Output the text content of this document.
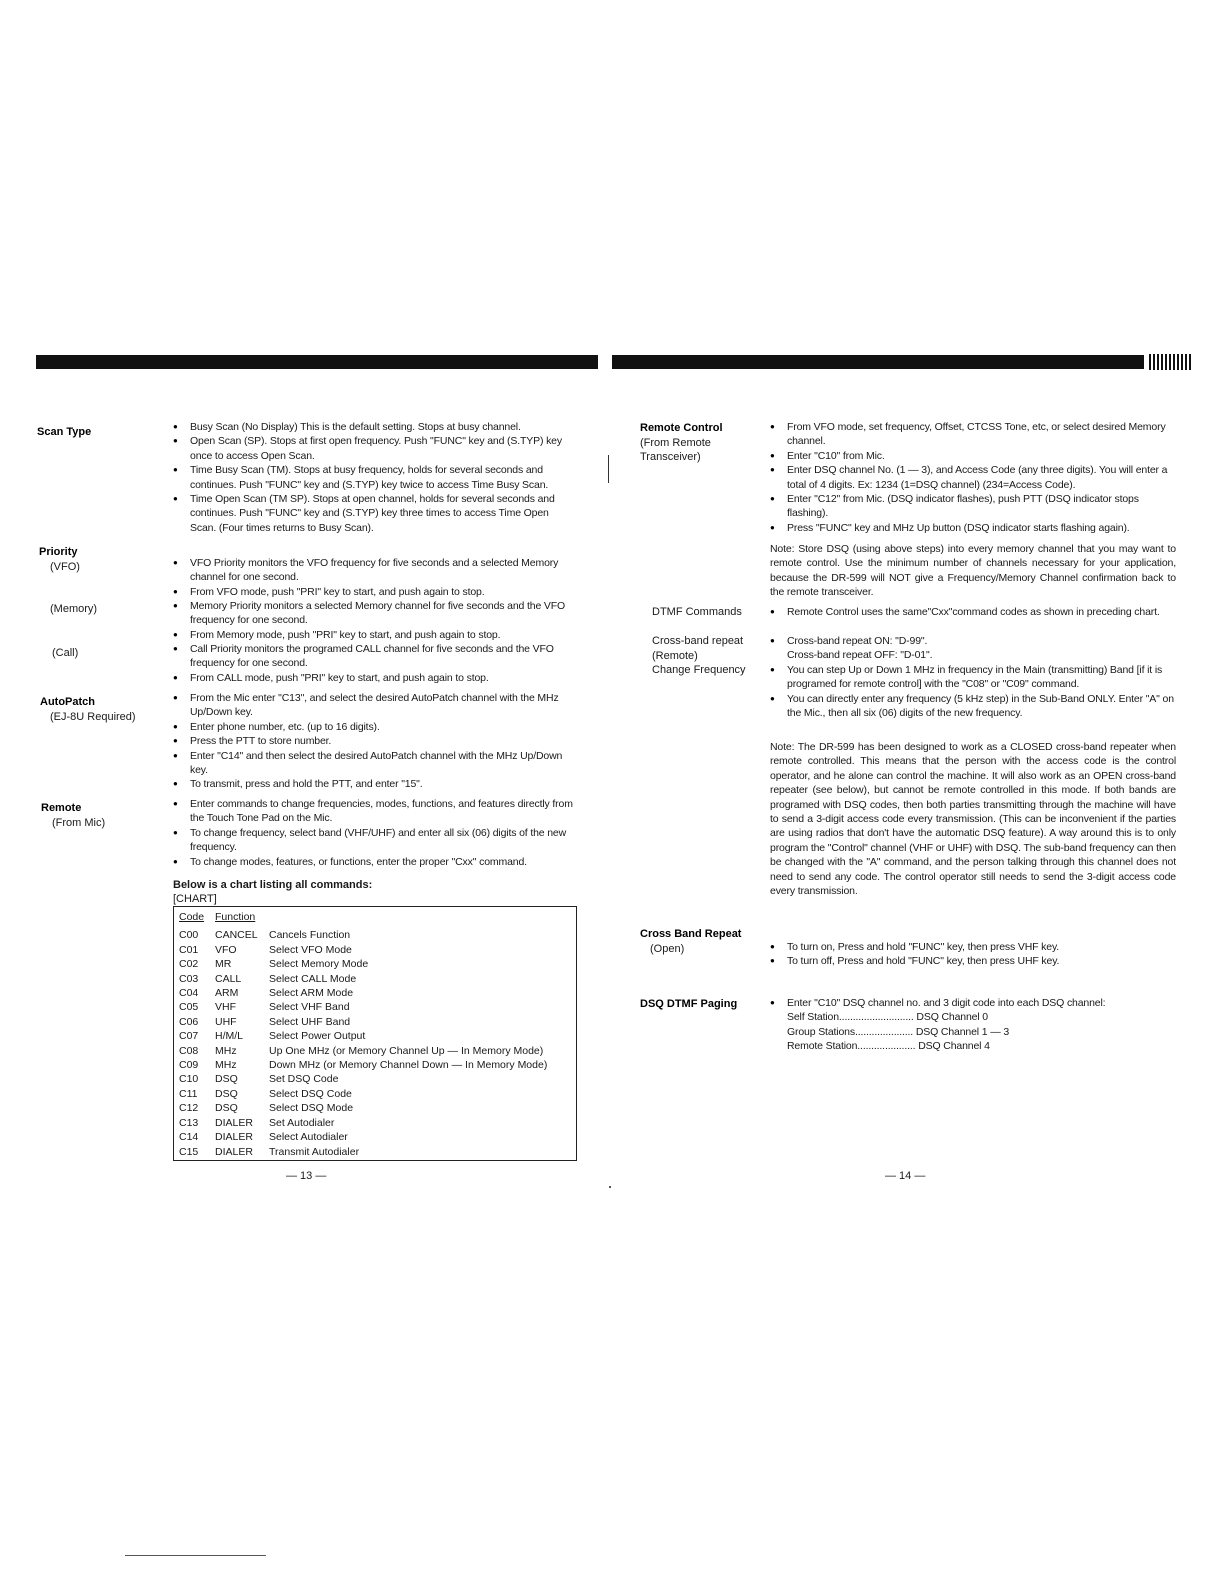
Scan Type	● Busy Scan (No Display) This is the default setting. Stops at busy channel.
● Open Scan (SP). Stops at first open frequency. Push "FUNC" key and (S.TYP) key once to access Open Scan.
● Time Busy Scan (TM). Stops at busy frequency, holds for several seconds and continues. Push "FUNC" key and (S.TYP) key twice to access Time Busy Scan.
● Time Open Scan (TM SP). Stops at open channel, holds for several seconds and continues. Push "FUNC" key and (S.TYP) key three times to access Time Open Scan. (Four times returns to Busy Scan).
Priority
(VFO)	● VFO Priority monitors the VFO frequency for five seconds and a selected Memory channel for one second.
● From VFO mode, push "PRI" key to start, and push again to stop.
(Memory)	● Memory Priority monitors a selected Memory channel for five seconds and the VFO frequency for one second.
● From Memory mode, push "PRI" key to start, and push again to stop.
(Call)	● Call Priority monitors the programed CALL channel for five seconds and the VFO frequency for one second.
● From CALL mode, push "PRI" key to start, and push again to stop.
AutoPatch
(EJ-8U Required)
● From the Mic enter "C13", and select the desired AutoPatch channel with the MHz Up/Down key.
● Enter phone number, etc. (up to 16 digits).
● Press the PTT to store number.
● Enter "C14" and then select the desired AutoPatch channel with the MHz Up/Down key.
● To transmit, press and hold the PTT, and enter "15".
Remote
(From Mic)
● Enter commands to change frequencies, modes, functions, and features directly from the Touch Tone Pad on the Mic.
● To change frequency, select band (VHF/UHF) and enter all six (06) digits of the new frequency.
● To change modes, features, or functions, enter the proper "Cxx" command.
Below is a chart listing all commands:
[CHART]
Code	Function	
C00	CANCEL	Cancels Function
C01	VFO	Select VFO Mode
C02	MR	Select Memory Mode
C03	CALL	Select CALL Mode
C04	ARM	Select ARM Mode
C05	VHF	Select VHF Band
C06	UHF	Select UHF Band
C07	H/M/L	Select Power Output
C08	MHz	Up One MHz (or Memory Channel Up — In Memory Mode)
C09	MHz	Down MHz (or Memory Channel Down — In Memory Mode)
C10	DSQ	Set DSQ Code
C11	DSQ	Select DSQ Code
C12	DSQ	Select DSQ Mode
C13	DIALER	Set Autodialer
C14	DIALER	Select Autodialer
C15	DIALER	Transmit Autodialer
— 13 —
Remote Control
(From Remote
Transceiver)
● From VFO mode, set frequency, Offset, CTCSS Tone, etc, or select desired Memory channel.
● Enter "C10" from Mic.
● Enter DSQ channel No. (1 — 3), and Access Code (any three digits). You will enter a total of 4 digits. Ex: 1234 (1=DSQ channel) (234=Access Code).
● Enter "C12" from Mic. (DSQ indicator flashes), push PTT (DSQ indicator stops flashing).
● Press "FUNC" key and MHz Up button (DSQ indicator starts flashing again).
Note: Store DSQ (using above steps) into every memory channel that you may want to remote control. Use the minimum number of channels necessary for your application, because the DR-599 will NOT give a Frequency/Memory Channel confirmation back to the remote transceiver.
DTMF Commands	● Remote Control uses the same"Cxx"command codes as shown in preceding chart.
Cross-band repeat
(Remote)
● Cross-band repeat ON: "D-99".
Cross-band repeat OFF: "D-01".
Change Frequency	● You can step Up or Down 1 MHz in frequency in the Main (transmitting) Band [if it is programed for remote control] with the "C08" or "C09" command.
● You can directly enter any frequency (5 kHz step) in the Sub-Band ONLY. Enter "A" on the Mic., then all six (06) digits of the new frequency.
Note: The DR-599 has been designed to work as a CLOSED cross-band repeater when remote controlled. This means that the person with the access code is the control operator, and he alone can control the machine. It will also work as an OPEN cross-band repeater (see below), but cannot be remote controlled in this mode. If both bands are programed with DSQ codes, then both parties transmitting through the machine will have to send a 3-digit access code every transmission. (This can be inconvenient if the parties are using radios that don't have the automatic DSQ feature). A way around this is to only program the "Control" channel (VHF or UHF) with DSQ. The sub-band frequency can then be changed with the "A" command, and the person talking through this channel does not need to send any code. The control operator still needs to send the 3-digit access code every transmission.
Cross Band Repeat
(Open)	● To turn on, Press and hold "FUNC" key, then press VHF key.
● To turn off, Press and hold "FUNC" key, then press UHF key.
DSQ DTMF Paging	● Enter "C10" DSQ channel no. and 3 digit code into each DSQ channel:
Self Station........................... DSQ Channel 0
Group Stations..................... DSQ Channel 1 — 3
Remote Station..................... DSQ Channel 4
— 14 —
